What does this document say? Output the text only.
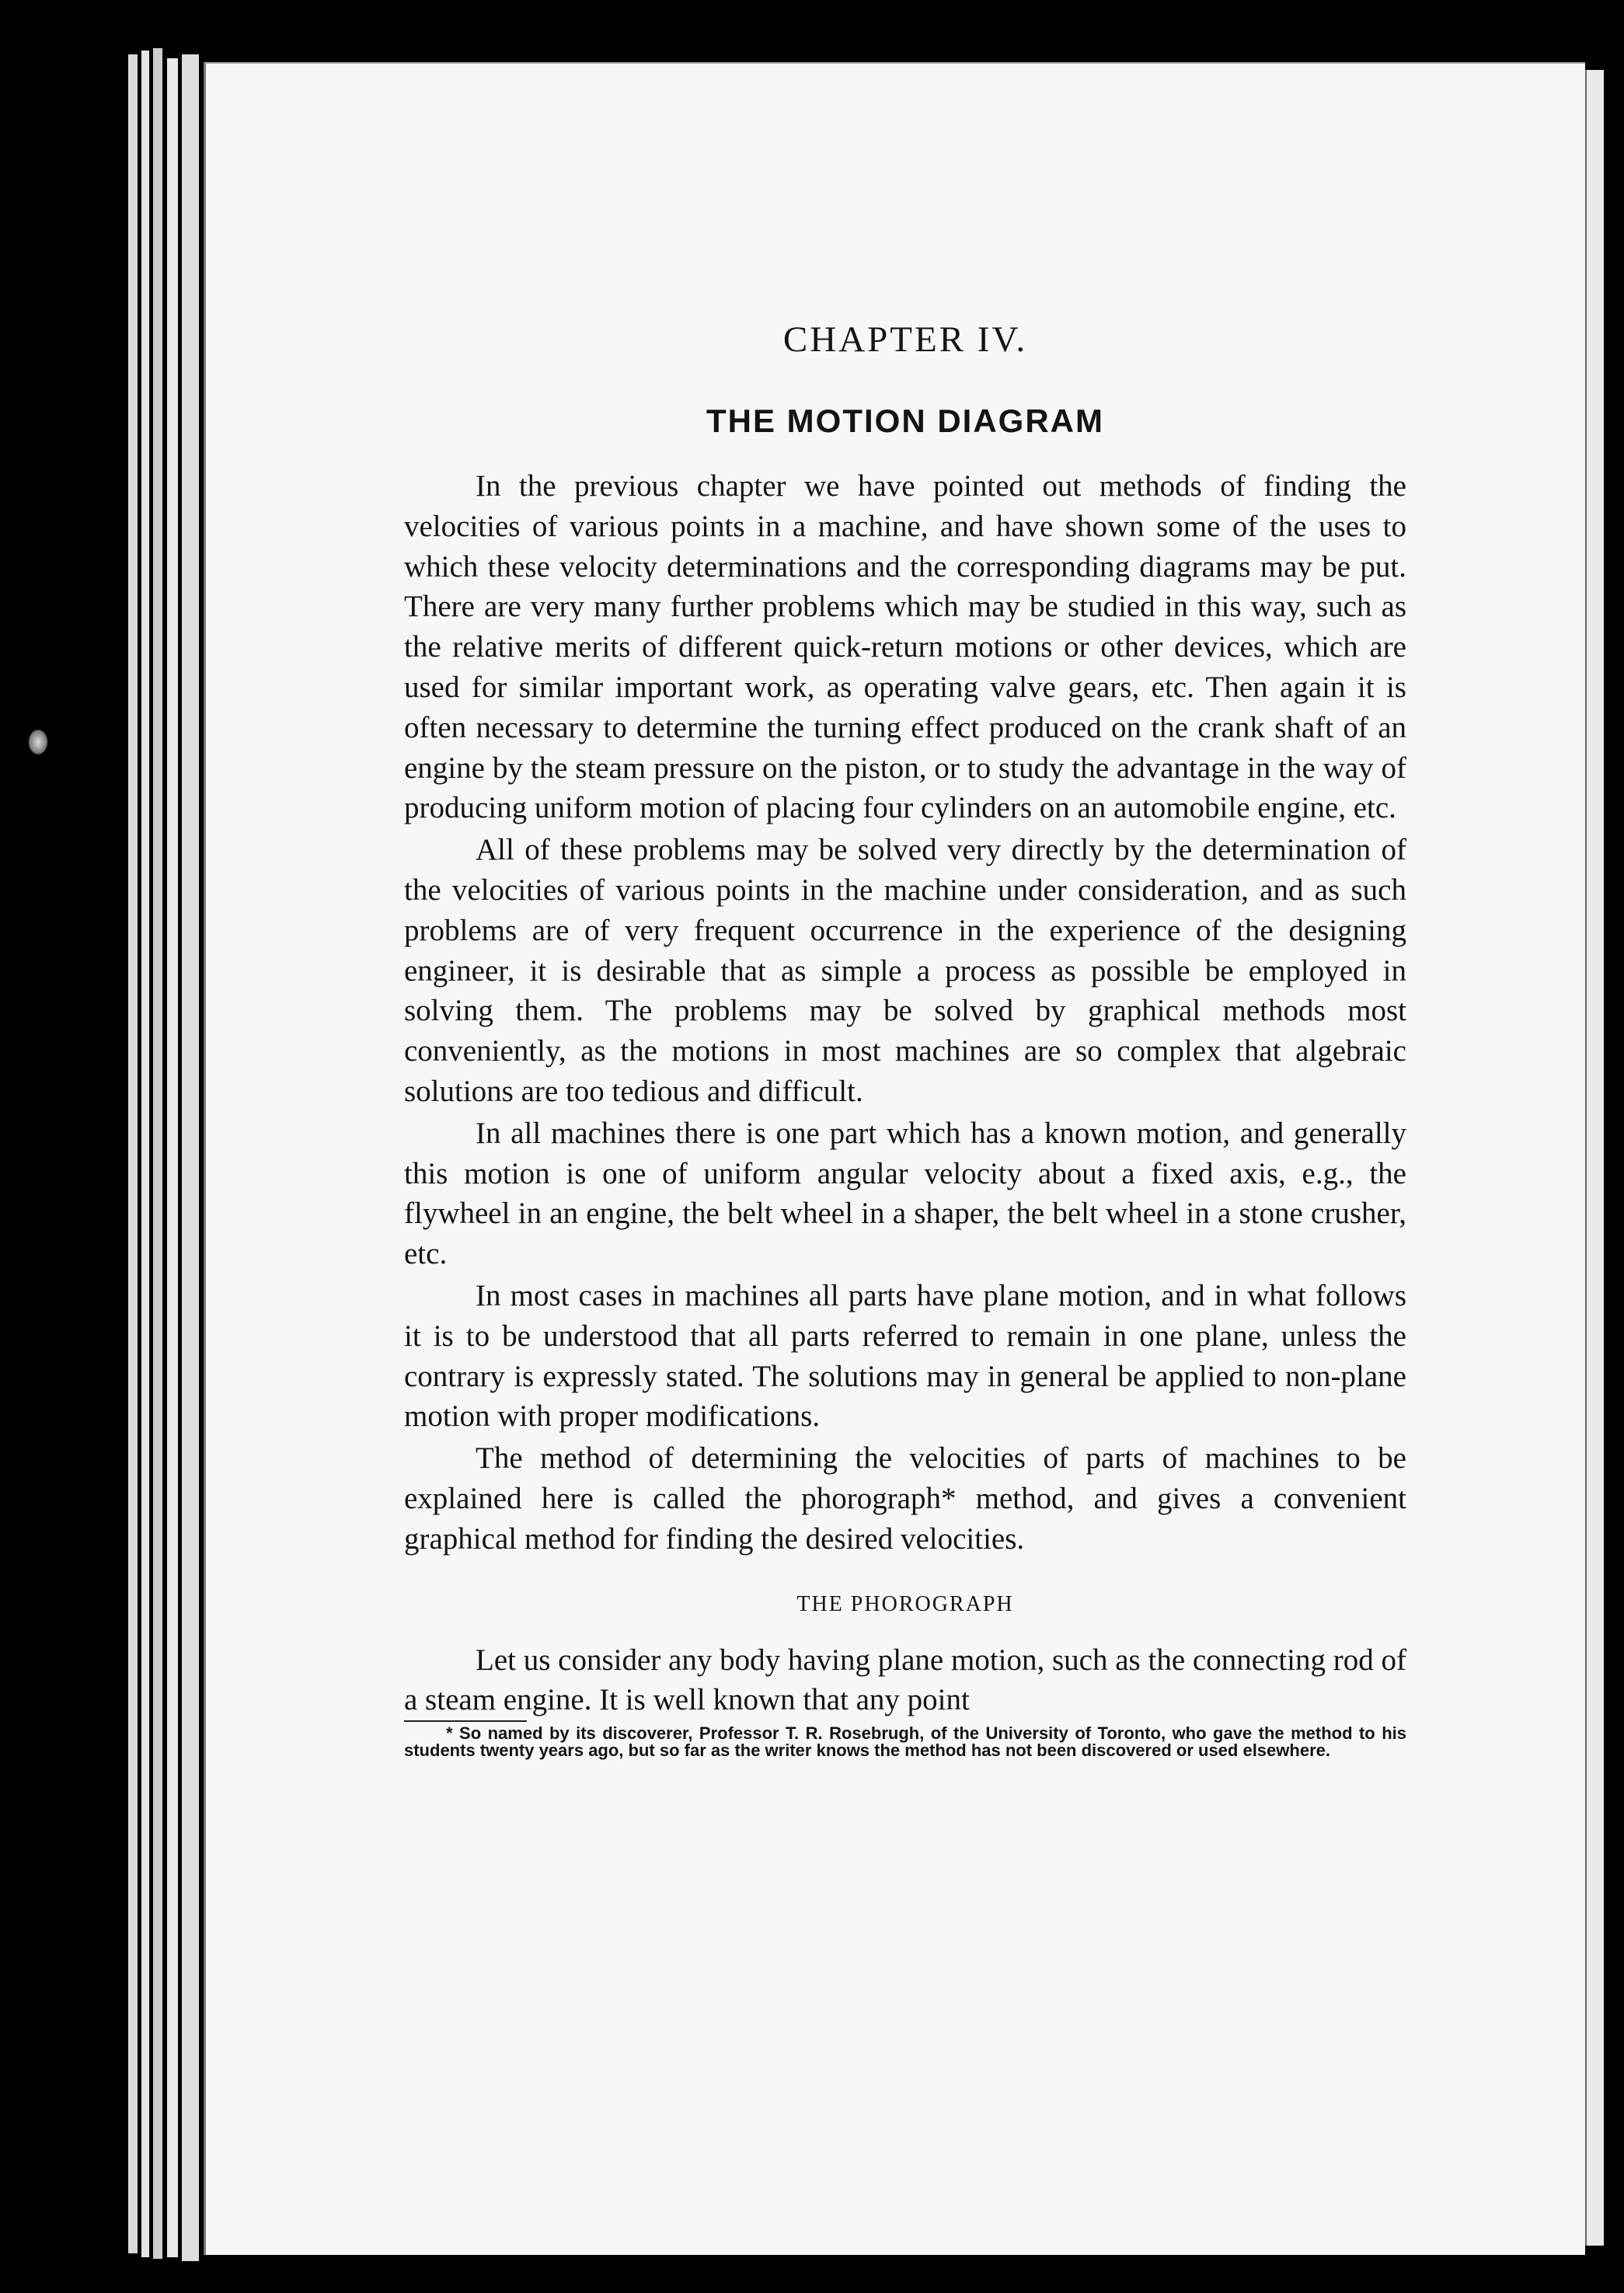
CHAPTER IV.
THE MOTION DIAGRAM

In the previous chapter we have pointed out methods of finding the velocities of various points in a machine, and have shown some of the uses to which these velocity determinations and the corresponding diagrams may be put. There are very many further problems which may be studied in this way, such as the relative merits of different quick-return motions or other devices, which are used for similar important work, as operating valve gears, etc. Then again it is often necessary to determine the turning effect produced on the crank shaft of an engine by the steam pressure on the piston, or to study the advantage in the way of producing uniform motion of placing four cylinders on an automobile engine, etc.

All of these problems may be solved very directly by the determination of the velocities of various points in the machine under consideration, and as such problems are of very frequent occurrence in the experience of the designing engineer, it is desirable that as simple a process as possible be employed in solving them. The problems may be solved by graphical methods most conveniently, as the motions in most machines are so complex that algebraic solutions are too tedious and difficult.

In all machines there is one part which has a known motion, and generally this motion is one of uniform angular velocity about a fixed axis, e.g., the flywheel in an engine, the belt wheel in a shaper, the belt wheel in a stone crusher, etc.

In most cases in machines all parts have plane motion, and in what follows it is to be understood that all parts referred to remain in one plane, unless the contrary is expressly stated. The solutions may in general be applied to non-plane motion with proper modifications.

The method of determining the velocities of parts of machines to be explained here is called the phorograph* method, and gives a convenient graphical method for finding the desired velocities.

THE PHOROGRAPH

Let us consider any body having plane motion, such as the connecting rod of a steam engine. It is well known that any point

* So named by its discoverer, Professor T. R. Rosebrugh, of the University of Toronto, who gave the method to his students twenty years ago, but so far as the writer knows the method has not been discovered or used elsewhere.
